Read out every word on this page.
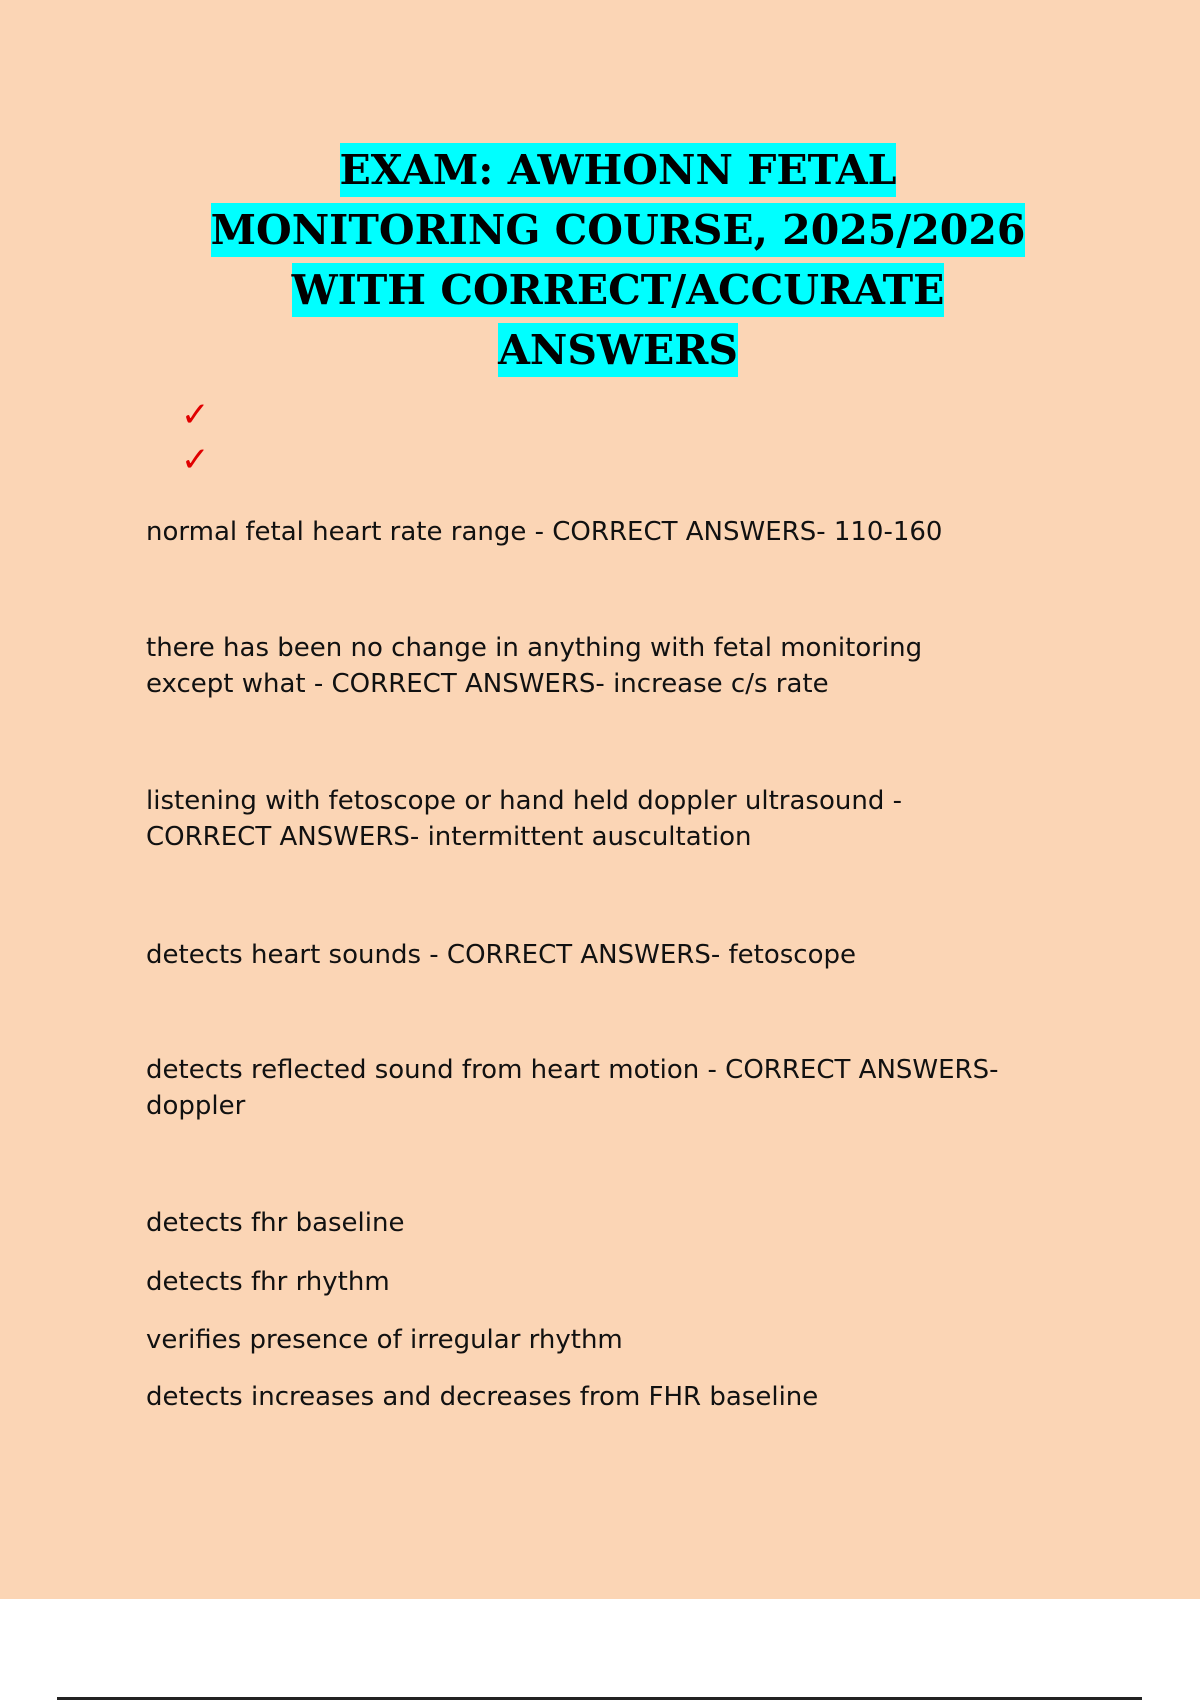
EXAM: AWHONN FETAL
MONITORING COURSE, 2025/2026
WITH CORRECT/ACCURATE
ANSWERS
✓
✓
normal fetal heart rate range - CORRECT ANSWERS- 110-160
there has been no change in anything with fetal monitoring except what - CORRECT ANSWERS- increase c/s rate
listening with fetoscope or hand held doppler ultrasound - CORRECT ANSWERS- intermittent auscultation
detects heart sounds - CORRECT ANSWERS- fetoscope
detects reflected sound from heart motion - CORRECT ANSWERS- doppler
detects fhr baseline
detects fhr rhythm
verifies presence of irregular rhythm
detects increases and decreases from FHR baseline
